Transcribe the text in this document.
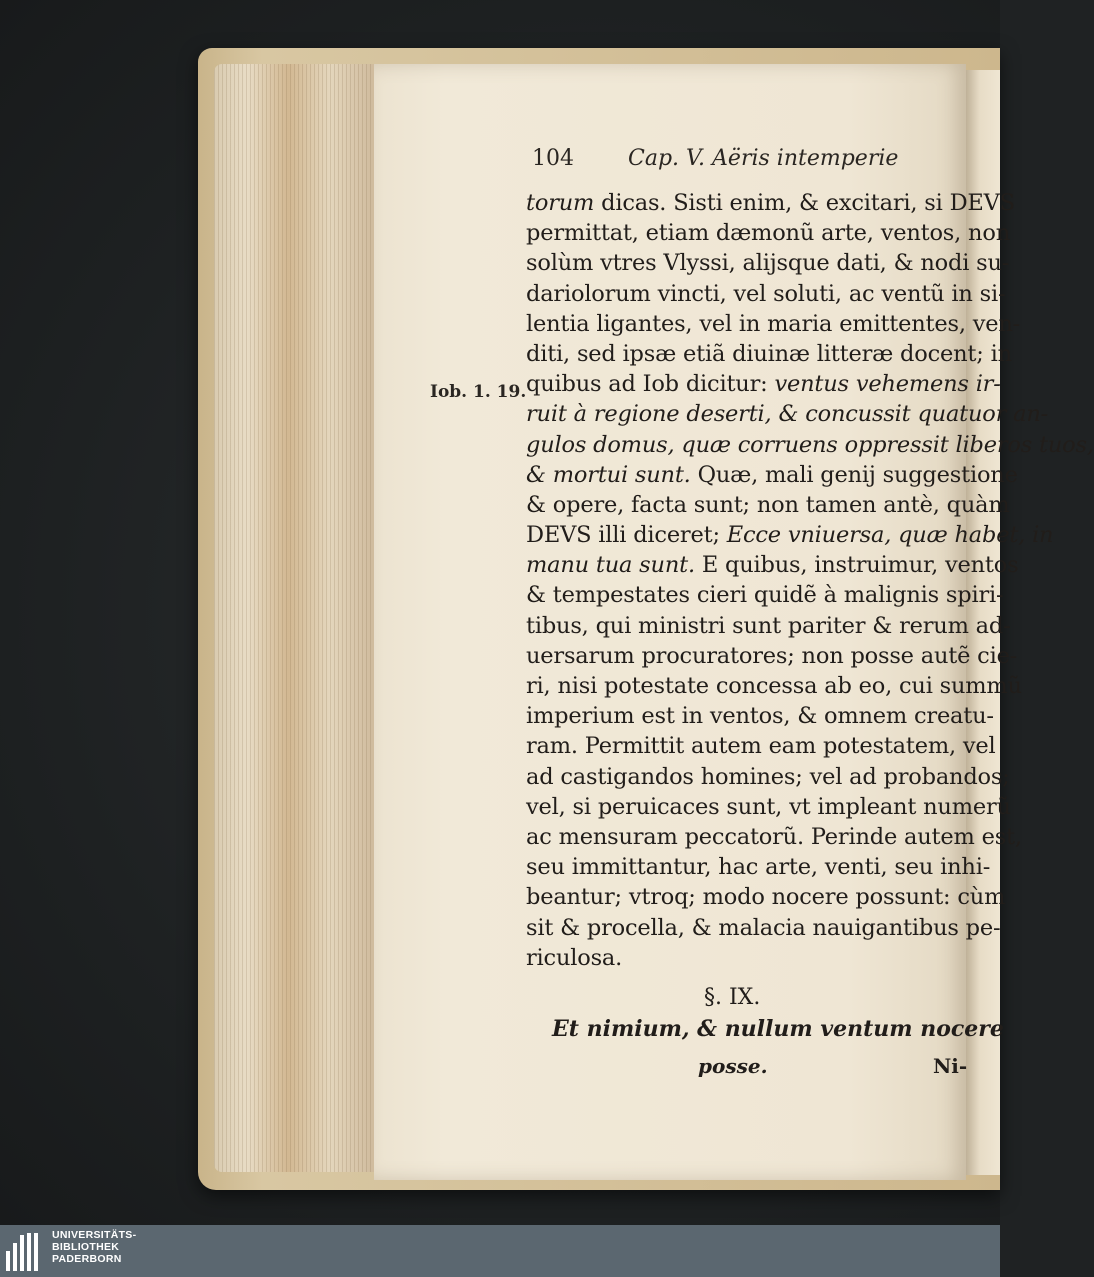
104 Cap. V. Aëris intemperie
Iob. 1. 19.
torum dicas. Sisti enim, & excitari, si DEVS
permittat, etiam dæmonũ arte, ventos, non
solùm vtres Vlyssi, alijsque dati, & nodi su-
dariolorum vincti, vel soluti, ac ventũ in si-
lentia ligantes, vel in maria emittentes, ven-
diti, sed ipsæ etiã diuinæ litteræ docent; in
quibus ad Iob dicitur: ventus vehemens ir-
ruit à regione deserti, & concussit quatuor an-
gulos domus, quæ corruens oppressit liberos tuos,
& mortui sunt. Quæ, mali genij suggestione
& opere, facta sunt; non tamen antè, quàm
DEVS illi diceret; Ecce vniuersa, quæ habet, in
manu tua sunt. E quibus, instruimur, ventos
& tempestates cieri quidẽ à malignis spiri-
tibus, qui ministri sunt pariter & rerum ad-
uersarum procuratores; non posse autẽ cie-
ri, nisi potestate concessa ab eo, cui summũ
imperium est in ventos, & omnem creatu-
ram. Permittit autem eam potestatem, vel
ad castigandos homines; vel ad probandos;
vel, si peruicaces sunt, vt impleant numerũ
ac mensuram peccatorũ. Perinde autem est,
seu immittantur, hac arte, venti, seu inhi-
beantur; vtroq; modo nocere possunt: cùm
sit & procella, & malacia nauigantibus pe-
riculosa.
§. IX.
Et nimium, & nullum ventum nocere
posse.	Ni-
UNIVERSITÄTS-
BIBLIOTHEK
PADERBORN
